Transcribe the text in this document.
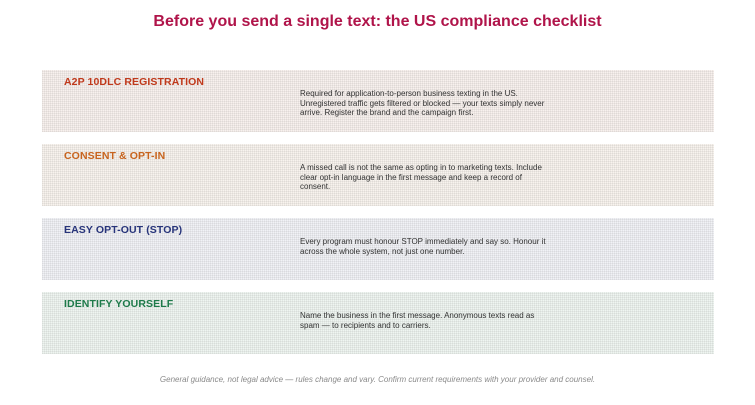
Before you send a single text: the US compliance checklist
A2P 10DLC REGISTRATION
Required for application-to-person business texting in the US. Unregistered traffic gets filtered or blocked — your texts simply never arrive. Register the brand and the campaign first.
CONSENT & OPT-IN
A missed call is not the same as opting in to marketing texts. Include clear opt-in language in the first message and keep a record of consent.
EASY OPT-OUT (STOP)
Every program must honour STOP immediately and say so. Honour it across the whole system, not just one number.
IDENTIFY YOURSELF
Name the business in the first message. Anonymous texts read as spam — to recipients and to carriers.
General guidance, not legal advice — rules change and vary. Confirm current requirements with your provider and counsel.
